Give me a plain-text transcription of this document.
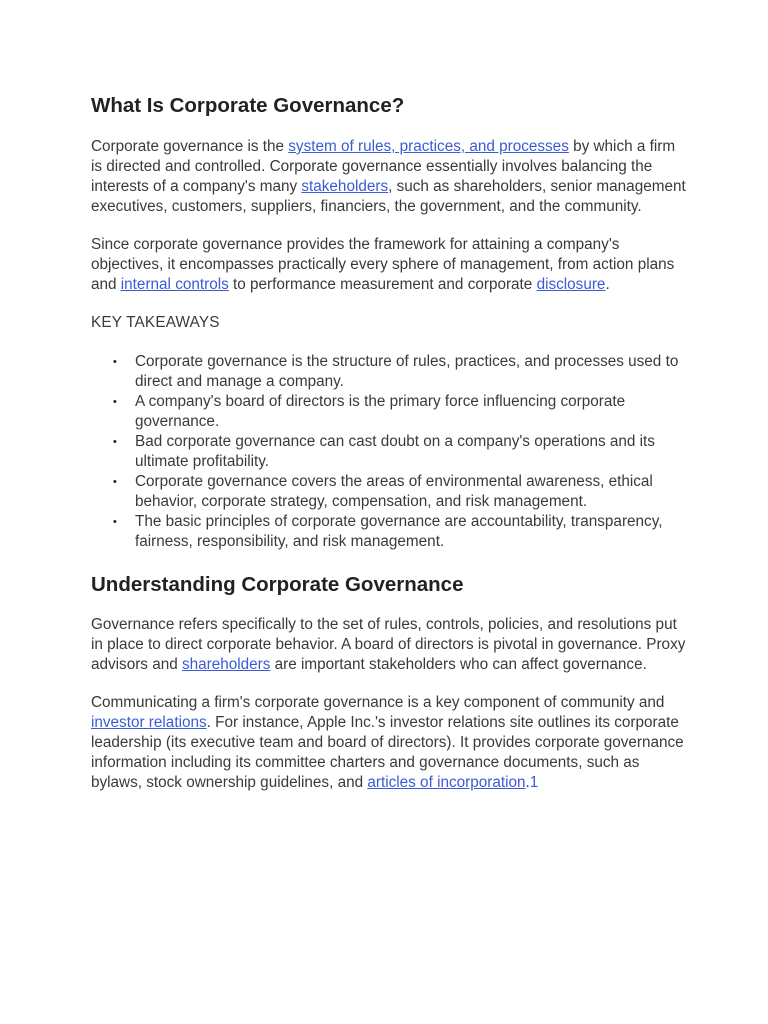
What Is Corporate Governance?

Corporate governance is the system of rules, practices, and processes by which a firm is directed and controlled. Corporate governance essentially involves balancing the interests of a company's many stakeholders, such as shareholders, senior management executives, customers, suppliers, financiers, the government, and the community.

Since corporate governance provides the framework for attaining a company's objectives, it encompasses practically every sphere of management, from action plans and internal controls to performance measurement and corporate disclosure.

KEY TAKEAWAYS
• Corporate governance is the structure of rules, practices, and processes used to direct and manage a company.
• A company's board of directors is the primary force influencing corporate governance.
• Bad corporate governance can cast doubt on a company's operations and its ultimate profitability.
• Corporate governance covers the areas of environmental awareness, ethical behavior, corporate strategy, compensation, and risk management.
• The basic principles of corporate governance are accountability, transparency, fairness, responsibility, and risk management.
Understanding Corporate Governance

Governance refers specifically to the set of rules, controls, policies, and resolutions put in place to direct corporate behavior. A board of directors is pivotal in governance. Proxy advisors and shareholders are important stakeholders who can affect governance.

Communicating a firm's corporate governance is a key component of community and investor relations. For instance, Apple Inc.'s investor relations site outlines its corporate leadership (its executive team and board of directors). It provides corporate governance information including its committee charters and governance documents, such as bylaws, stock ownership guidelines, and articles of incorporation.1
